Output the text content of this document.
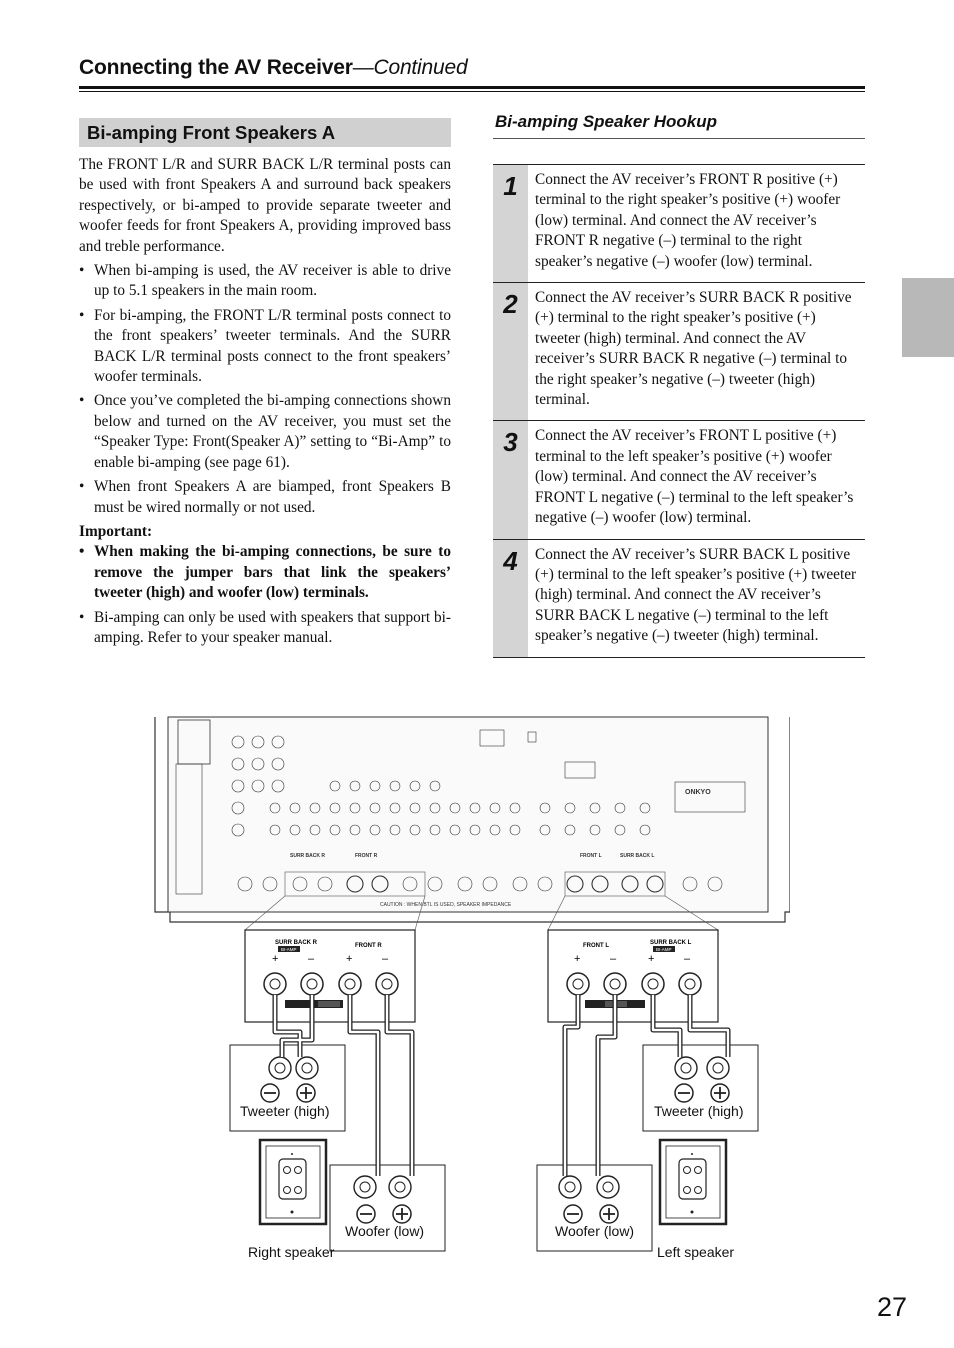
Connecting the AV Receiver—Continued
Bi-amping Front Speakers A

The FRONT L/R and SURR BACK L/R terminal posts can be used with front Speakers A and surround back speakers respectively, or bi-amped to provide separate tweeter and woofer feeds for front Speakers A, providing improved bass and treble performance.

• When bi-amping is used, the AV receiver is able to drive up to 5.1 speakers in the main room.
• For bi-amping, the FRONT L/R terminal posts connect to the front speakers’ tweeter terminals. And the SURR BACK L/R terminal posts connect to the front speakers’ woofer terminals.
• Once you’ve completed the bi-amping connections shown below and turned on the AV receiver, you must set the “Speaker Type: Front(Speaker A)” setting to “Bi-Amp” to enable bi-amping (see page 61).
• When front Speakers A are biamped, front Speakers B must be wired normally or not used.
Important:
• When making the bi-amping connections, be sure to remove the jumper bars that link the speakers’ tweeter (high) and woofer (low) terminals.
• Bi-amping can only be used with speakers that support bi-amping. Refer to your speaker manual.
Bi-amping Speaker Hookup
1	Connect the AV receiver’s FRONT R positive (+) terminal to the right speaker’s positive (+) woofer (low) terminal. And connect the AV receiver’s FRONT R negative (–) terminal to the right speaker’s negative (–) woofer (low) terminal.
2	Connect the AV receiver’s SURR BACK R positive (+) terminal to the right speaker’s positive (+) tweeter (high) terminal. And connect the AV receiver’s SURR BACK R negative (–) terminal to the right speaker’s negative (–) tweeter (high) terminal.
3	Connect the AV receiver’s FRONT L positive (+) terminal to the left speaker’s positive (+) woofer (low) terminal. And connect the AV receiver’s FRONT L negative (–) terminal to the left speaker’s negative (–) woofer (low) terminal.
4	Connect the AV receiver’s SURR BACK L positive (+) terminal to the left speaker’s positive (+) tweeter (high) terminal. And connect the AV receiver’s SURR BACK L negative (–) terminal to the left speaker’s negative (–) tweeter (high) terminal.
ONKYO
CAUTION : WHEN BTL IS USED, SPEAKER IMPEDANCE
SURR BACK R	FRONT R	FRONT L	SURR BACK L
SURR BACK R
BI-AMP
FRONT R
+	–	+	–
FRONT L	SURR BACK L
BI-AMP
+	–	+	–
Tweeter (high)
Woofer (low)
Tweeter (high)
Woofer (low)
Right speaker	Left speaker
27
